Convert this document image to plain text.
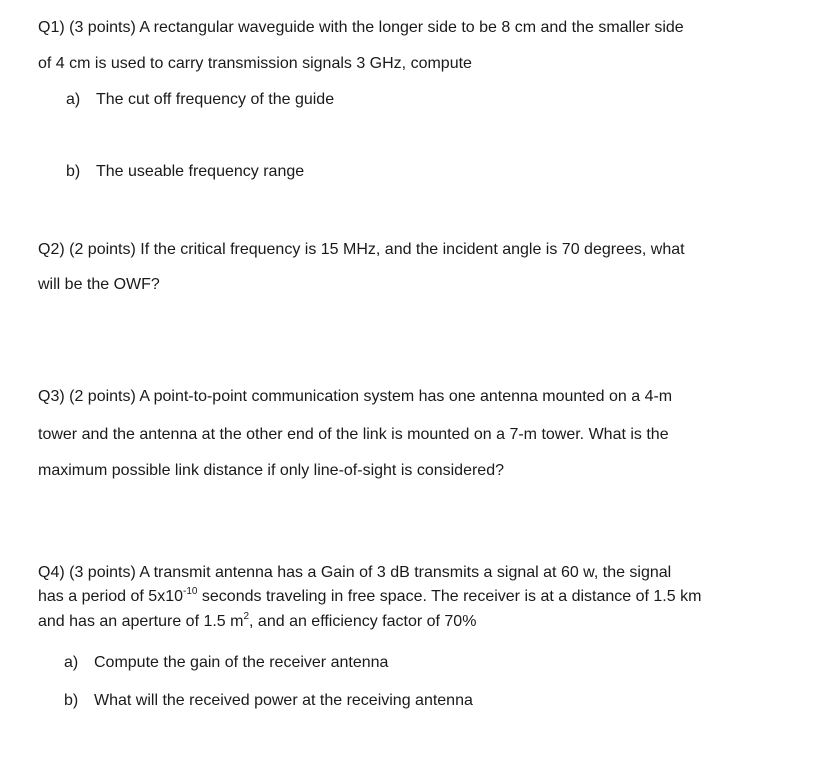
Q1) (3 points) A rectangular waveguide with the longer side to be 8 cm and the smaller side
of 4 cm is used to carry transmission signals 3 GHz, compute
a) The cut off frequency of the guide
b) The useable frequency range
Q2) (2 points) If the critical frequency is 15 MHz, and the incident angle is 70 degrees, what
will be the OWF?
Q3) (2 points) A point-to-point communication system has one antenna mounted on a 4-m
tower and the antenna at the other end of the link is mounted on a 7-m tower. What is the
maximum possible link distance if only line-of-sight is considered?
Q4) (3 points) A transmit antenna has a Gain of 3 dB transmits a signal at 60 w, the signal
has a period of $5x10^{-10}$ seconds traveling in free space. The receiver is at a distance of 1.5 km
and has an aperture of 1.5 $m^2$, and an efficiency factor of 70%
a) Compute the gain of the receiver antenna
b) What will the received power at the receiving antenna
